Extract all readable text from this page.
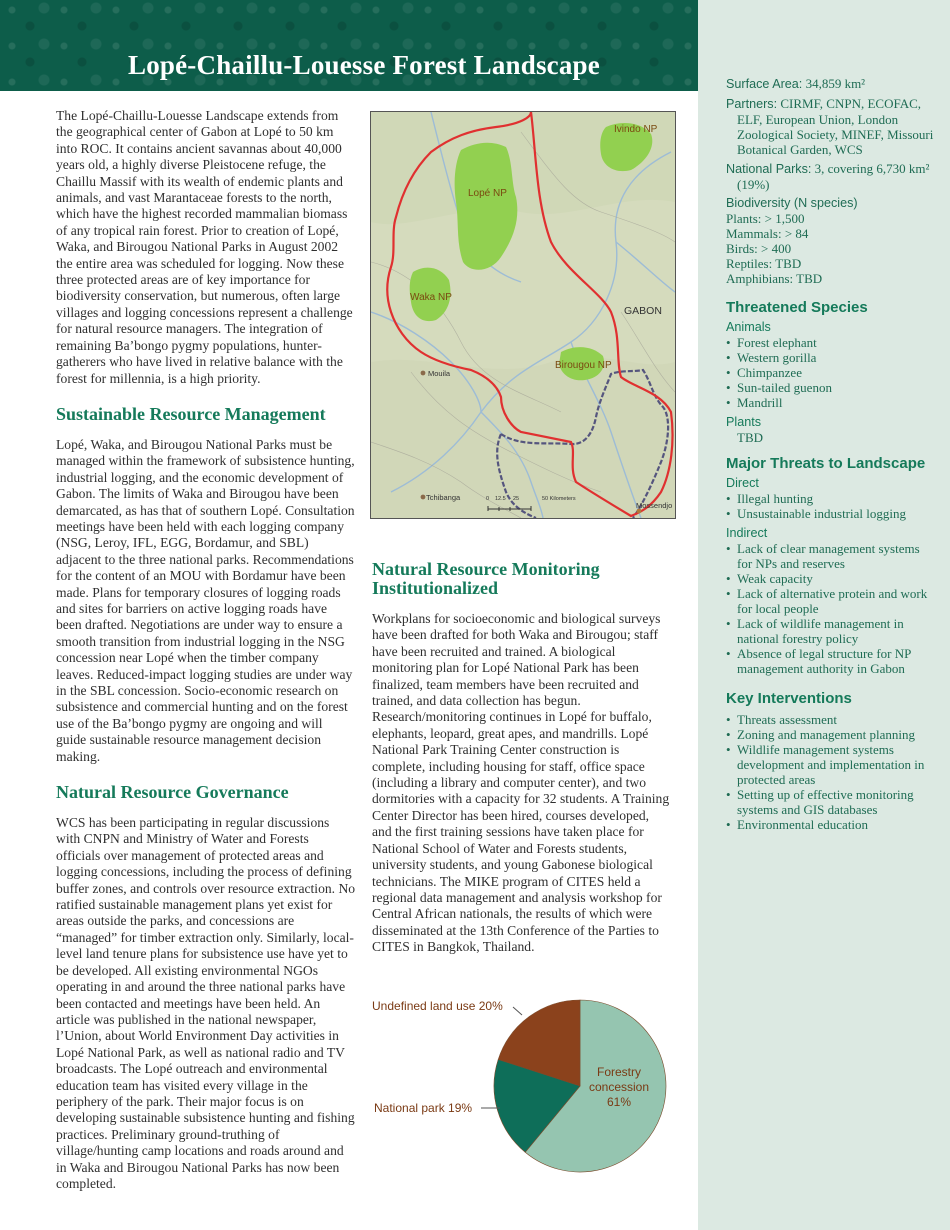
Lopé-Chaillu-Louesse Forest Landscape

The Lopé-Chaillu-Louesse Landscape extends from the geographical center of Gabon at Lopé to 50 km into ROC. It contains ancient savannas about 40,000 years old, a highly diverse Pleistocene refuge, the Chaillu Massif with its wealth of endemic plants and animals, and vast Marantaceae forests to the north, which have the highest recorded mammalian biomass of any tropical rain forest. Prior to creation of Lopé, Waka, and Birougou National Parks in August 2002 the entire area was scheduled for logging. Now these three protected areas are of key importance for biodiversity conservation, but numerous, often large villages and logging concessions represent a challenge for natural resource managers. The integration of remaining Ba’bongo pygmy populations, hunter-gatherers who have lived in relative balance with the forest for millennia, is a high priority.

Sustainable Resource Management

Lopé, Waka, and Birougou National Parks must be managed within the framework of subsistence hunting, industrial logging, and the economic development of Gabon. The limits of Waka and Birougou have been demarcated, as has that of southern Lopé. Consultation meetings have been held with each logging company (NSG, Leroy, IFL, EGG, Bordamur, and SBL) adjacent to the three national parks. Recommendations for the content of an MOU with Bordamur have been made. Plans for temporary closures of logging roads and sites for barriers on active logging roads have been drafted. Negotiations are under way to ensure a smooth transition from industrial logging in the NSG concession near Lopé when the timber company leaves. Reduced-impact logging studies are under way in the SBL concession. Socio-economic research on subsistence and commercial hunting and on the forest use of the Ba’bongo pygmy are ongoing and will guide sustainable resource management decision making.

Natural Resource Governance

WCS has been participating in regular discussions with CNPN and Ministry of Water and Forests officials over management of protected areas and logging concessions, including the process of defining buffer zones, and controls over resource extraction. No ratified sustainable management plans yet exist for areas outside the parks, and concessions are “managed” for timber extraction only. Similarly, local-level land tenure plans for subsistence use have yet to be developed. All existing environmental NGOs operating in and around the three national parks have been contacted and meetings have been held. An article was published in the national newspaper, l’Union, about World Environment Day activities in Lopé National Park, as well as national radio and TV broadcasts. The Lopé outreach and environmental education team has visited every village in the periphery of the park. Their major focus is on developing sustainable subsistence hunting and fishing practices. Preliminary ground-truthing of village/hunting camp locations and roads around and in Waka and Birougou National Parks has now been completed.

Ivindo NP
Lopé NP
Waka NP
GABON
Birougou NP
Mouila
Tchibanga
Mossendjo
0 12.5 25	50 Kilometers
Natural Resource Monitoring Institutionalized

Workplans for socioeconomic and biological surveys have been drafted for both Waka and Birougou; staff have been recruited and trained. A biological monitoring plan for Lopé National Park has been finalized, team members have been recruited and trained, and data collection has begun. Research/monitoring continues in Lopé for buffalo, elephants, leopard, great apes, and mandrills. Lopé National Park Training Center construction is complete, including housing for staff, office space (including a library and computer center), and two dormitories with a capacity for 32 students. A Training Center Director has been hired, courses developed, and the first training sessions have taken place for National School of Water and Forests students, university students, and young Gabonese biological technicians. The MIKE program of CITES held a regional data management and analysis workshop for Central African nationals, the results of which were disseminated at the 13th Conference of the Parties to CITES in Bangkok, Thailand.

Forestry
concession
61%
Undefined land use 20%
National park 19%
Surface Area: 34,859 km²
Partners: CIRMF, CNPN, ECOFAC, ELF, European Union, London Zoological Society, MINEF, Missouri Botanical Garden, WCS
National Parks: 3, covering 6,730 km² (19%)
Biodiversity (N species)
Plants: > 1,500
Mammals: > 84
Birds: > 400
Reptiles: TBD
Amphibians: TBD
Threatened Species
Animals
• Forest elephant
• Western gorilla
• Chimpanzee
• Sun-tailed guenon
• Mandrill
Plants
TBD
Major Threats to Landscape
Direct
• Illegal hunting
• Unsustainable industrial logging
Indirect
• Lack of clear management systems for NPs and reserves
• Weak capacity
• Lack of alternative protein and work for local people
• Lack of wildlife management in national forestry policy
• Absence of legal structure for NP management authority in Gabon
Key Interventions
• Threats assessment
• Zoning and management planning
• Wildlife management systems development and implementation in protected areas
• Setting up of effective monitoring systems and GIS databases
• Environmental education
